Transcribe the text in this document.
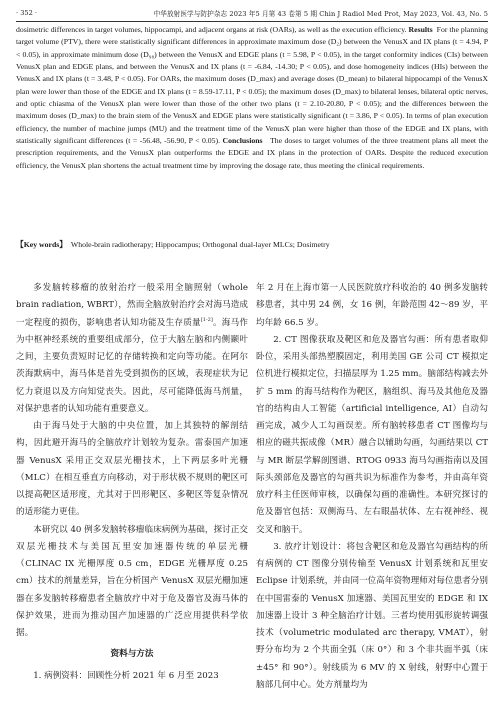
· 352 ·	中华放射医学与防护杂志 2023 年5 月第 43 卷第 5 期 Chin J Radiol Med Prot, May 2023, Vol. 43, No. 5

dosimetric differences in target volumes, hippocampi, and adjacent organs at risk (OARs), as well as the execution efficiency. Results For the planning target volume (PTV), there were statistically significant differences in approximate maximum dose (D₂) between the VenusX and IX plans (t = 4.94, P < 0.05), in approximate minimum dose (D₉₈) between the VenusX and EDGE plans (t = 5.98, P < 0.05), in the target conformity indices (CIs) between VenusX plan and EDGE plans, and between the VenusX and IX plans (t = -6.84, -14.30; P < 0.05), and dose homogeneity indices (HIs) between the VenusX and IX plans (t = 3.48, P < 0.05). For OARs, the maximum doses (D_max) and average doses (D_mean) to bilateral hippocampi of the VenusX plan were lower than those of the EDGE and IX plans (t = 8.59-17.11, P < 0.05); the maximum doses (D_max) to bilateral lenses, bilateral optic nerves, and optic chiasma of the VenusX plan were lower than those of the other two plans (t = 2.10-20.80, P < 0.05); and the differences between the maximum doses (D_max) to the brain stem of the VenusX and EDGE plans were statistically significant (t = 3.86, P < 0.05). In terms of plan execution efficiency, the number of machine jumps (MU) and the treatment time of the VenusX plan were higher than those of the EDGE and IX plans, with statistically significant differences (t = -56.48, -56.90, P < 0.05). Conclusions The doses to target volumes of the three treatment plans all meet the prescription requirements, and the VenusX plan outperforms the EDGE and IX plans in the protection of OARs. Despite the reduced execution efficiency, the VenusX plan shortens the actual treatment time by improving the dosage rate, thus meeting the clinical requirements.

【Key words】 Whole-brain radiotherapy; Hippocampus; Orthogonal dual-layer MLCs; Dosimetry

多发脑转移瘤的放射治疗一般采用全脑照射（whole brain radiation, WBRT），然而全脑放射治疗会对海马造成一定程度的损伤，影响患者认知功能及生存质量[1-2]。海马作为中枢神经系统的重要组成部分，位于大脑左脑和内侧颞叶之间，主要负责短时记忆的存储转换和定向等功能。在阿尔茨海默病中，海马体是首先受到损伤的区域，表现症状为记忆力衰退以及方向知觉丧失。因此，尽可能降低海马剂量，对保护患者的认知功能有重要意义。

由于海马处于大脑的中央位置，加上其独特的解剖结构，因此避开海马的全脑放疗计划较为复杂。雷泰国产加速器 VenusX 采用正交双层光栅技术，上下两层多叶光栅（MLC）在相互垂直方向移动，对于形状极不规则的靶区可以提高靶区适形度，尤其对于凹形靶区、多靶区等复杂情况的适形能力更佳。

本研究以 40 例多发脑转移瘤临床病例为基础，探讨正交双层光栅技术与美国瓦里安加速器传统的单层光栅（CLINAC IX 光栅厚度 0.5 cm，EDGE 光栅厚度 0.25 cm）技术的剂量差异，旨在分析国产 VenusX 双层光栅加速器在多发脑转移瘤患者全脑放疗中对于危及器官及海马体的保护效果，进而为推动国产加速器的广泛应用提供科学依据。

资料与方法

1. 病例资料：回顾性分析 2021 年 6 月至 2023

年 2 月在上海市第一人民医院放疗科收治的 40 例多发脑转移患者，其中男 24 例，女 16 例，年龄范围 42～89 岁，平均年龄 66.5 岁。

2. CT 图像获取及靶区和危及器官勾画：所有患者取仰卧位，采用头部热塑膜固定，利用美国 GE 公司 CT 模拟定位机进行模拟定位，扫描层厚为 1.25 mm。脑部结构减去外扩 5 mm 的海马结构作为靶区，脑组织、海马及其他危及器官的结构由人工智能（artificial intelligence, AI）自动勾画完成，减少人工勾画误差。所有脑转移患者 CT 图像均与相应的磁共振成像（MR）融合以辅助勾画，勾画结果以 CT 与 MR 断层学解剖图谱、RTOG 0933 海马勾画指南以及国际头颈部危及器官的勾画共识为标准作为参考，并由高年资放疗科主任医师审核，以确保勾画的准确性。本研究探讨的危及器官包括：双侧海马、左右眼晶状体、左右视神经、视交叉和脑干。

3. 放疗计划设计：将包含靶区和危及器官勾画结构的所有病例的 CT 图像分别传输至 VenusX 计划系统和瓦里安 Eclipse 计划系统，并由同一位高年资物理师对每位患者分别在中国雷泰的 VenusX 加速器、美国瓦里安的 EDGE 和 IX 加速器上设计 3 种全脑治疗计划。三者均使用弧形旋转调强技术（volumetric modulated arc therapy, VMAT），射野分布均为 2 个共面全弧（床 0°）和 3 个非共面半弧（床±45° 和 90°）。射线质为 6 MV 的 X 射线，射野中心置于脑部几何中心。处方剂量均为
